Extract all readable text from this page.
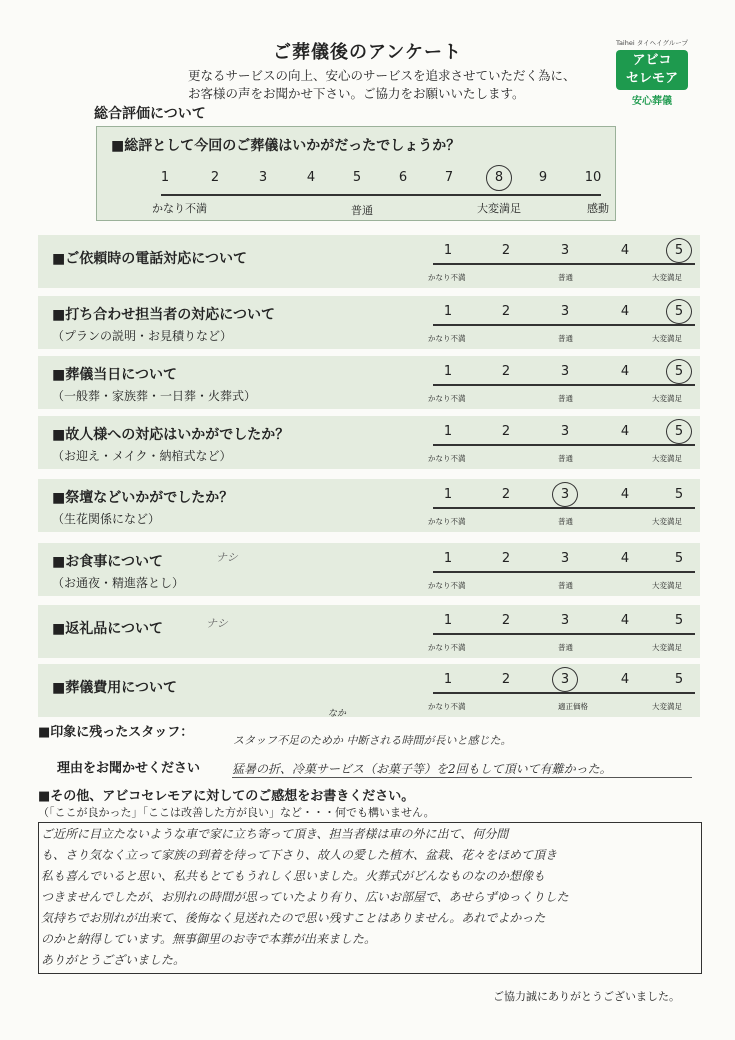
ご葬儀後のアンケート
更なるサービスの向上、安心のサービスを追求させていただく為に、
お客様の声をお聞かせ下さい。ご協力をお願いいたします。
Taihei タイヘイグループ
アビコ
セレモア
安心葬儀
総合評価について
■総評として今回のご葬儀はいかがだったでしょうか？
1	2	3	4	5	6	7	8	9	10
かなり不満	普通	大変満足	感動
■ご依頼時の電話対応について
1	2	3	4	5
かなり不満	普通	大変満足
■打ち合わせ担当者の対応について
（プランの説明・お見積りなど）
1	2	3	4	5
かなり不満	普通	大変満足
■葬儀当日について
（一般葬・家族葬・一日葬・火葬式）
1	2	3	4	5
かなり不満	普通	大変満足
■故人様への対応はいかがでしたか？
（お迎え・メイク・納棺式など）
1	2	3	4	5
かなり不満	普通	大変満足
■祭壇などいかがでしたか？
（生花関係になど）
1	2	3	4	5
かなり不満	普通	大変満足
■お食事について
（お通夜・精進落とし）
ナシ	1	2	3	4	5
かなり不満	普通	大変満足
■返礼品について	ナシ	1	2	3	4	5
かなり不満	普通	大変満足
■葬儀費用について
1	2	3	4	5
かなり不満	適正価格	大変満足
■印象に残ったスタッフ：
なか
スタッフ不足のためか 中断される時間が長いと感じた。
理由をお聞かせください	猛暑の折、冷菓サービス（お菓子等）を2回もして頂いて有難かった。
■その他、アビコセレモアに対してのご感想をお書きください。
（「ここが良かった」「ここは改善した方が良い」など・・・何でも構いません。
ご近所に目立たないような車で家に立ち寄って頂き、担当者様は車の外に出て、何分間
も、さり気なく立って家族の到着を待って下さり、故人の愛した植木、盆栽、花々をほめて頂き
私も喜んでいると思い、私共もとてもうれしく思いました。火葬式がどんなものなのか想像も
つきませんでしたが、お別れの時間が思っていたより有り、広いお部屋で、あせらずゆっくりした
気持ちでお別れが出来て、後悔なく見送れたので思い残すことはありません。あれでよかった
のかと納得しています。無事御里のお寺で本葬が出来ました。
ありがとうございました。
ご協力誠にありがとうございました。
